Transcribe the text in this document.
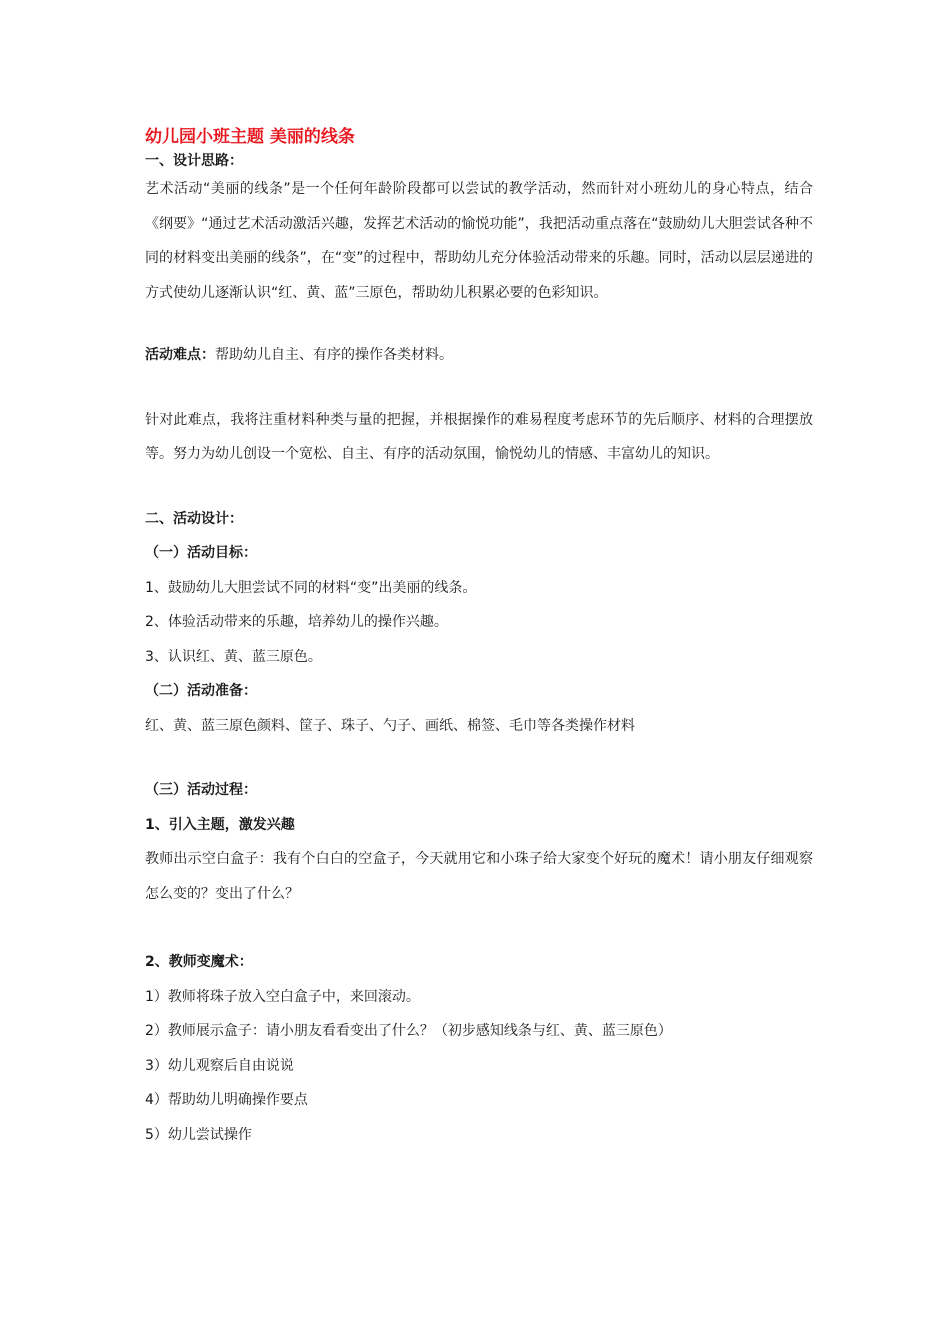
幼儿园小班主题 美丽的线条
一、设计思路：

艺术活动“美丽的线条”是一个任何年龄阶段都可以尝试的教学活动，然而针对小班幼儿的身心特点，结合《纲要》“通过艺术活动激活兴趣，发挥艺术活动的愉悦功能”，我把活动重点落在“鼓励幼儿大胆尝试各种不同的材料变出美丽的线条”，在“变”的过程中，帮助幼儿充分体验活动带来的乐趣。同时，活动以层层递进的方式使幼儿逐渐认识“红、黄、蓝”三原色，帮助幼儿积累必要的色彩知识。

活动难点：帮助幼儿自主、有序的操作各类材料。

针对此难点，我将注重材料种类与量的把握，并根据操作的难易程度考虑环节的先后顺序、材料的合理摆放等。努力为幼儿创设一个宽松、自主、有序的活动氛围，愉悦幼儿的情感、丰富幼儿的知识。

二、活动设计：
（一）活动目标：
1、鼓励幼儿大胆尝试不同的材料“变”出美丽的线条。
2、体验活动带来的乐趣，培养幼儿的操作兴趣。
3、认识红、黄、蓝三原色。
（二）活动准备：
红、黄、蓝三原色颜料、筐子、珠子、勺子、画纸、棉签、毛巾等各类操作材料
（三）活动过程：
1、引入主题，激发兴趣

教师出示空白盒子：我有个白白的空盒子，今天就用它和小珠子给大家变个好玩的魔术！请小朋友仔细观察怎么变的？变出了什么？

2、教师变魔术：
1）教师将珠子放入空白盒子中，来回滚动。
2）教师展示盒子：请小朋友看看变出了什么？（初步感知线条与红、黄、蓝三原色）
3）幼儿观察后自由说说
4）帮助幼儿明确操作要点
5）幼儿尝试操作
